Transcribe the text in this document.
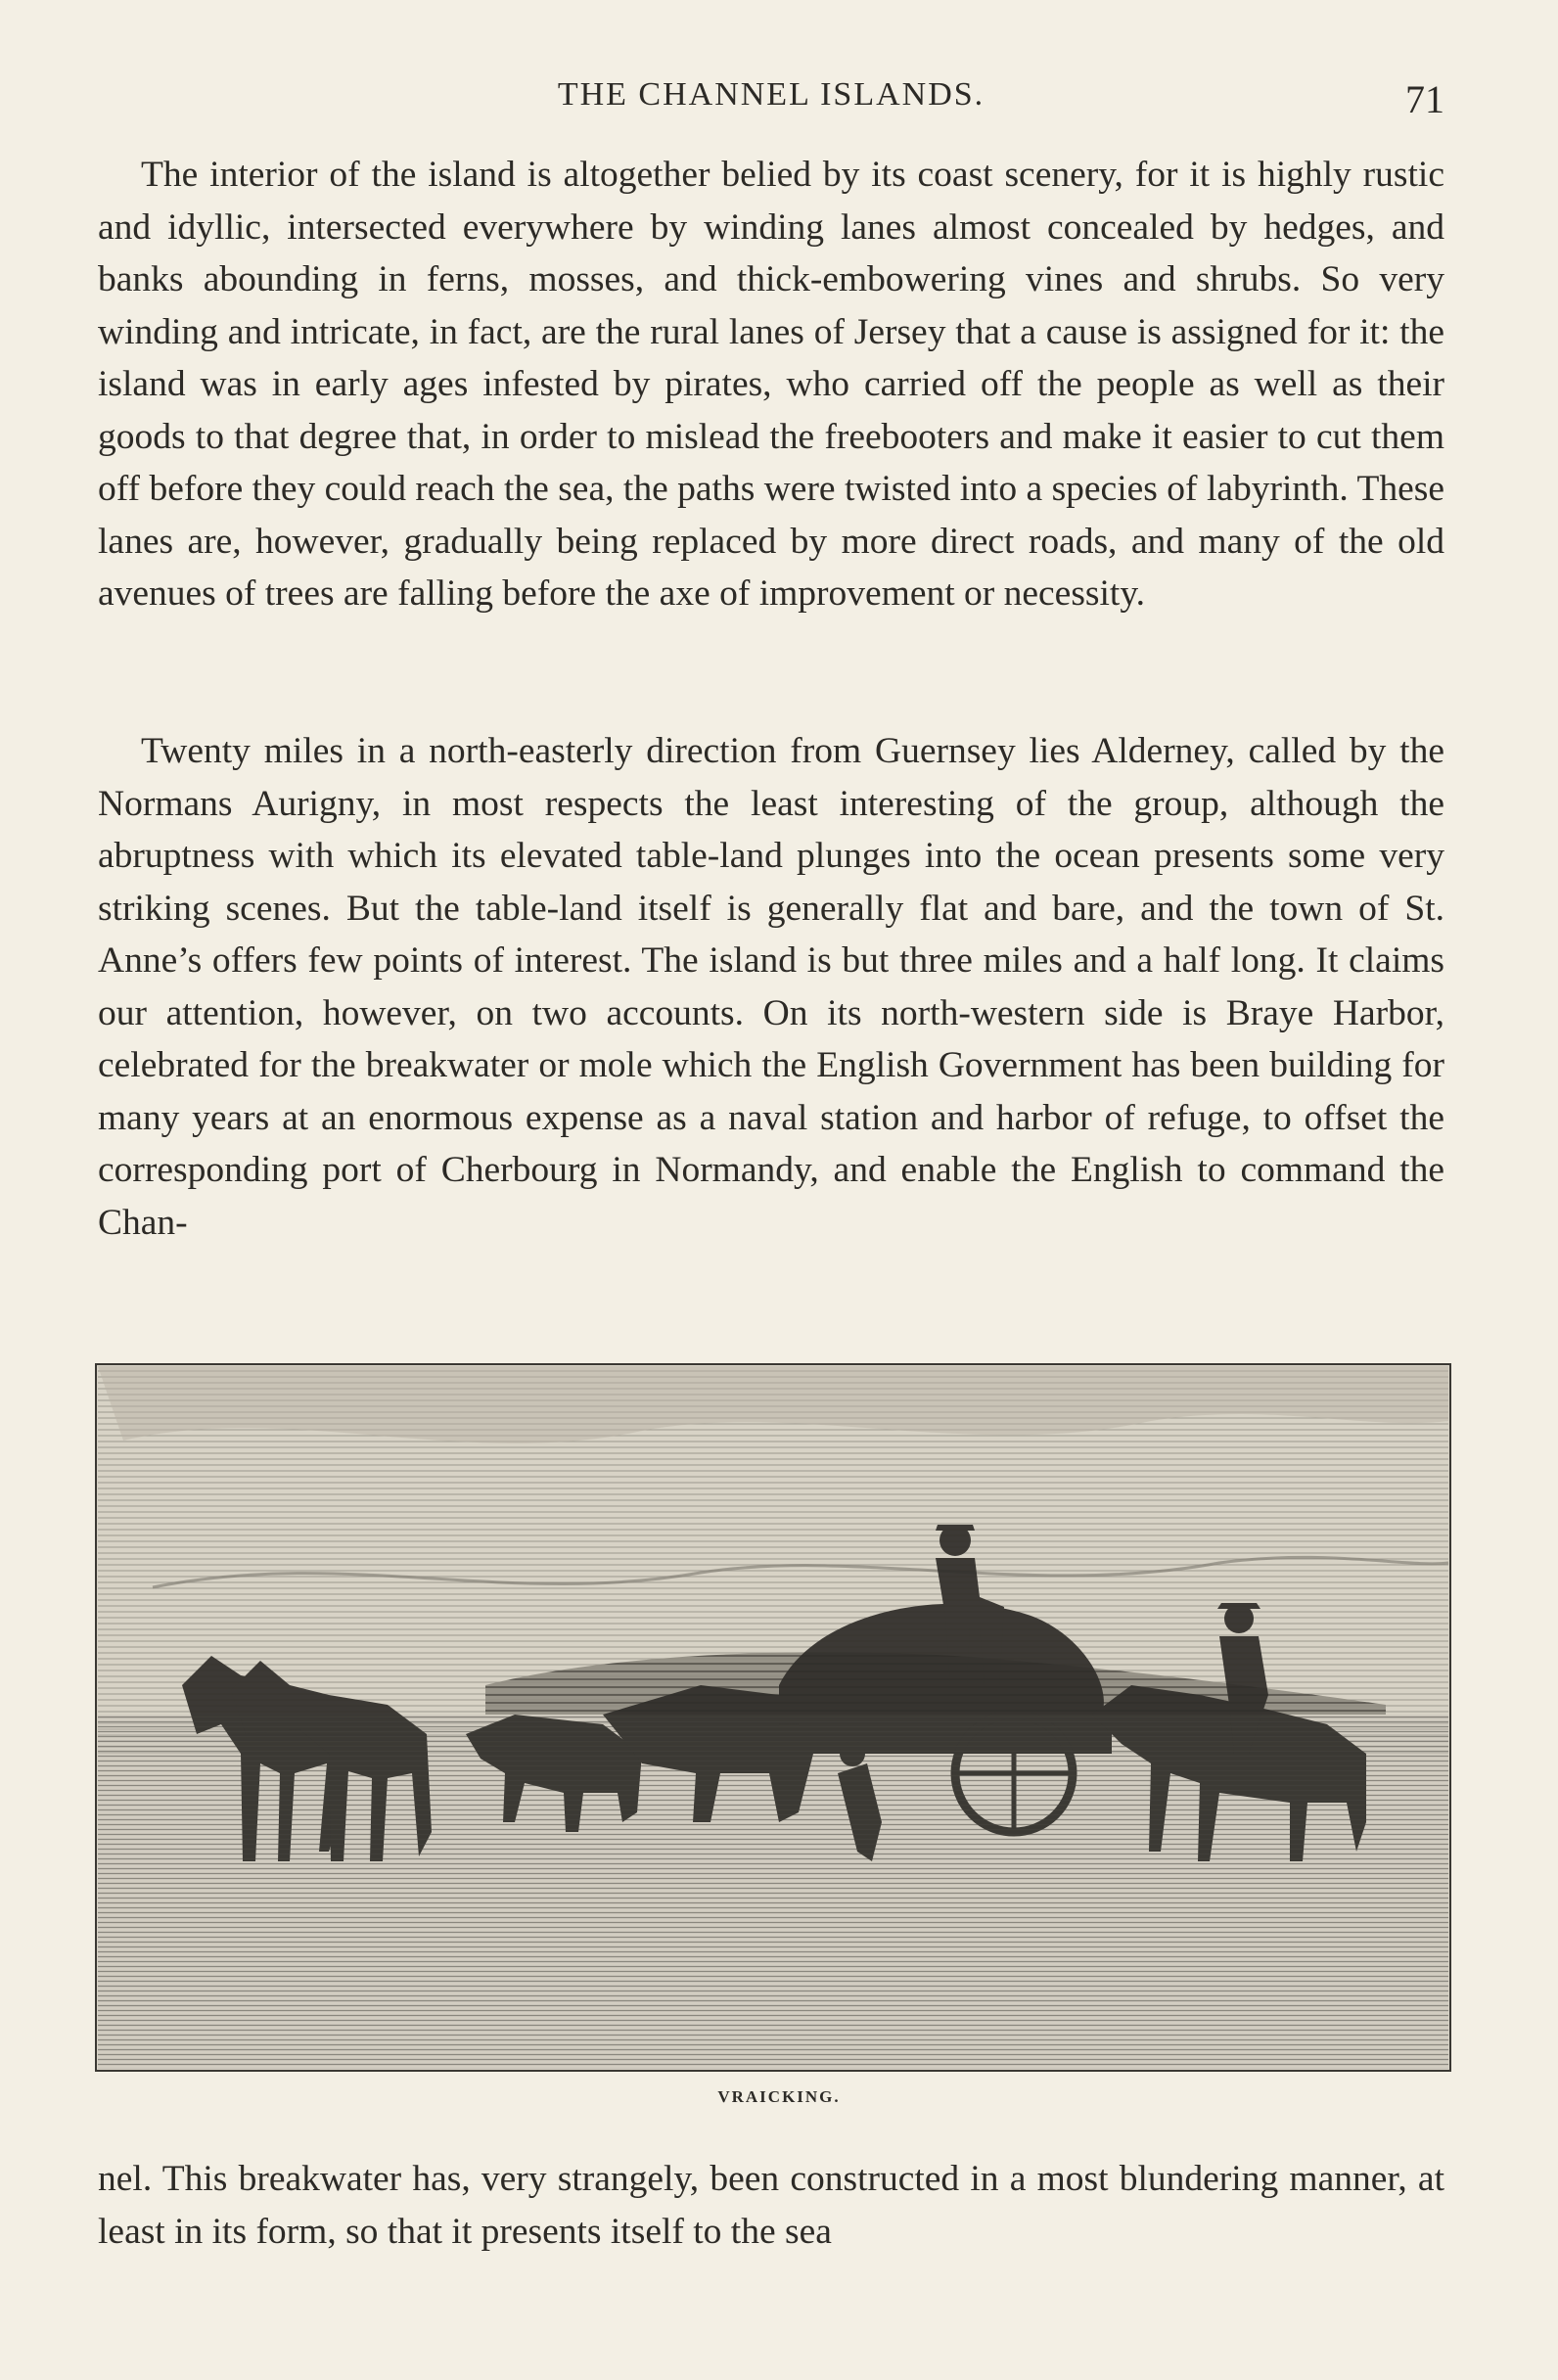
THE CHANNEL ISLANDS.	71

The interior of the island is altogether belied by its coast scenery, for it is highly rustic and idyllic, intersected everywhere by winding lanes almost concealed by hedges, and banks abounding in ferns, mosses, and thick-embowering vines and shrubs. So very winding and intricate, in fact, are the rural lanes of Jersey that a cause is assigned for it: the island was in early ages infested by pirates, who carried off the people as well as their goods to that degree that, in order to mislead the freebooters and make it easier to cut them off before they could reach the sea, the paths were twisted into a species of labyrinth. These lanes are, however, gradually being replaced by more direct roads, and many of the old avenues of trees are falling before the axe of improvement or necessity.

Twenty miles in a north-easterly direction from Guernsey lies Alderney, called by the Normans Aurigny, in most respects the least interesting of the group, although the abruptness with which its elevated table-land plunges into the ocean presents some very striking scenes. But the table-land itself is generally flat and bare, and the town of St. Anne’s offers few points of interest. The island is but three miles and a half long. It claims our attention, however, on two accounts. On its north-western side is Braye Harbor, celebrated for the breakwater or mole which the English Government has been building for many years at an enormous expense as a naval station and harbor of refuge, to offset the corresponding port of Cherbourg in Normandy, and enable the English to command the Chan-

VRAICKING.

nel. This breakwater has, very strangely, been constructed in a most blundering manner, at least in its form, so that it presents itself to the sea
